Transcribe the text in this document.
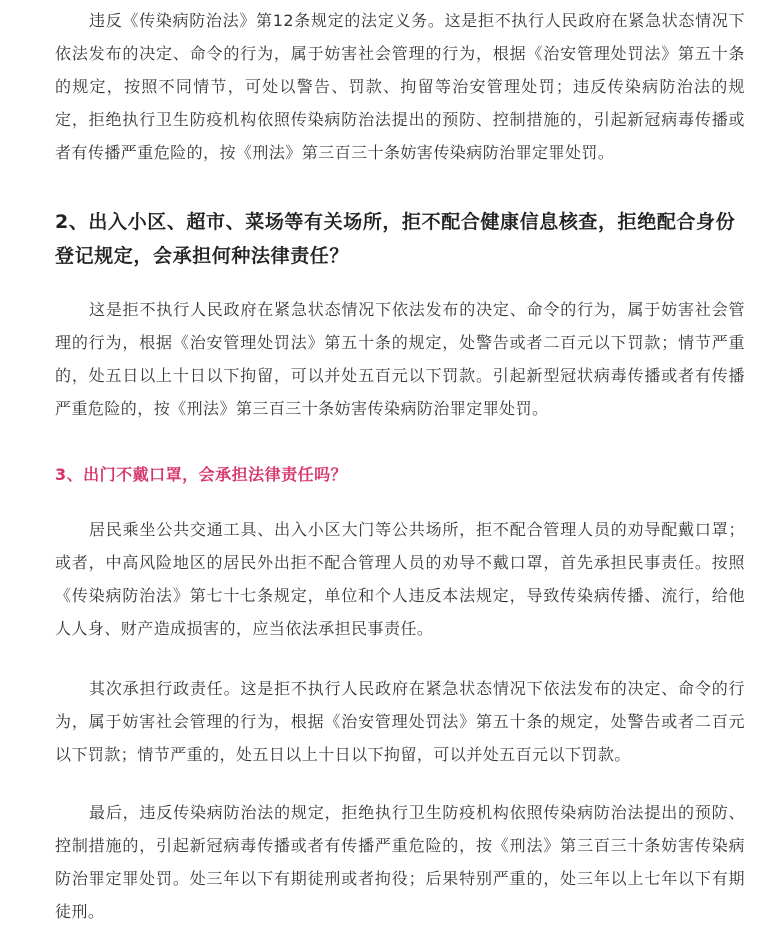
违反《传染病防治法》第12条规定的法定义务。这是拒不执行人民政府在紧急状态情况下依法发布的决定、命令的行为，属于妨害社会管理的行为，根据《治安管理处罚法》第五十条的规定，按照不同情节，可处以警告、罚款、拘留等治安管理处罚；违反传染病防治法的规定，拒绝执行卫生防疫机构依照传染病防治法提出的预防、控制措施的，引起新冠病毒传播或者有传播严重危险的，按《刑法》第三百三十条妨害传染病防治罪定罪处罚。

2、出入小区、超市、菜场等有关场所，拒不配合健康信息核查，拒绝配合身份登记规定，会承担何种法律责任？

这是拒不执行人民政府在紧急状态情况下依法发布的决定、命令的行为，属于妨害社会管理的行为，根据《治安管理处罚法》第五十条的规定，处警告或者二百元以下罚款；情节严重的，处五日以上十日以下拘留，可以并处五百元以下罚款。引起新型冠状病毒传播或者有传播严重危险的，按《刑法》第三百三十条妨害传染病防治罪定罪处罚。

3、出门不戴口罩，会承担法律责任吗？

居民乘坐公共交通工具、出入小区大门等公共场所，拒不配合管理人员的劝导配戴口罩；或者，中高风险地区的居民外出拒不配合管理人员的劝导不戴口罩，首先承担民事责任。按照《传染病防治法》第七十七条规定，单位和个人违反本法规定，导致传染病传播、流行，给他人人身、财产造成损害的，应当依法承担民事责任。

其次承担行政责任。这是拒不执行人民政府在紧急状态情况下依法发布的决定、命令的行为，属于妨害社会管理的行为，根据《治安管理处罚法》第五十条的规定，处警告或者二百元以下罚款；情节严重的，处五日以上十日以下拘留，可以并处五百元以下罚款。

最后，违反传染病防治法的规定，拒绝执行卫生防疫机构依照传染病防治法提出的预防、控制措施的，引起新冠病毒传播或者有传播严重危险的，按《刑法》第三百三十条妨害传染病防治罪定罪处罚。处三年以下有期徒刑或者拘役；后果特别严重的，处三年以上七年以下有期徒刑。
